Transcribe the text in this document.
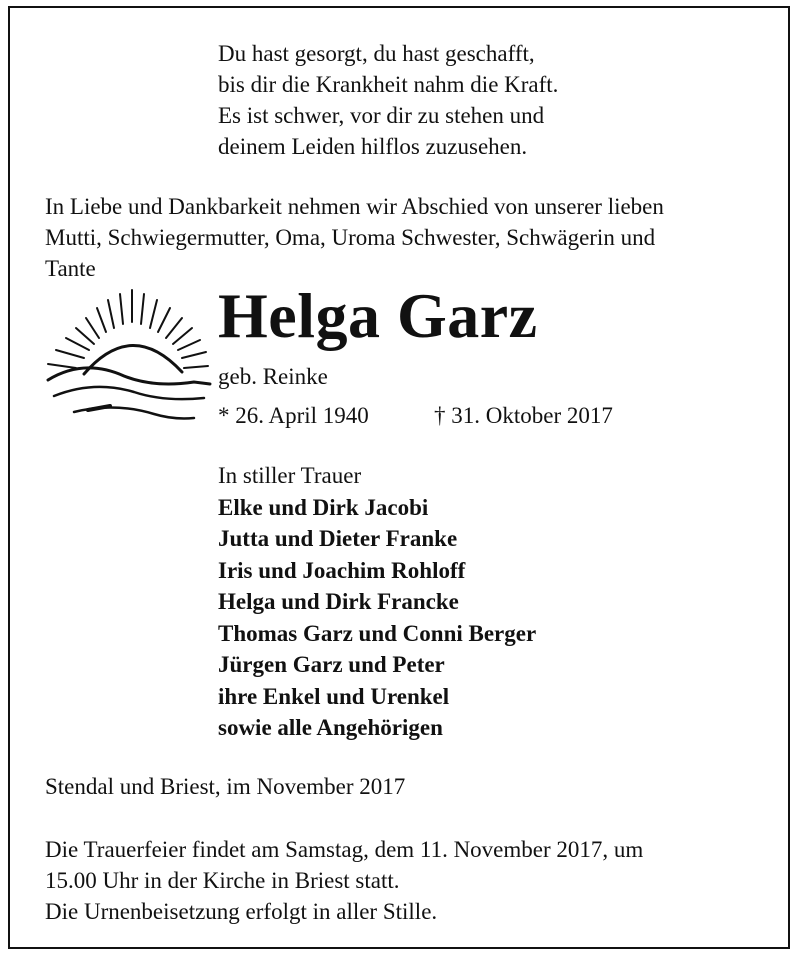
Du hast gesorgt, du hast geschafft,
bis dir die Krankheit nahm die Kraft.
Es ist schwer, vor dir zu stehen und
deinem Leiden hilflos zuzusehen.
In Liebe und Dankbarkeit nehmen wir Abschied von unserer lieben
Mutti, Schwiegermutter, Oma, Uroma Schwester, Schwägerin und
Tante
Helga Garz
geb. Reinke
* 26. April 1940	† 31. Oktober 2017
In stiller Trauer
Elke und Dirk Jacobi
Jutta und Dieter Franke
Iris und Joachim Rohloff
Helga und Dirk Francke
Thomas Garz und Conni Berger
Jürgen Garz und Peter
ihre Enkel und Urenkel
sowie alle Angehörigen
Stendal und Briest, im November 2017
Die Trauerfeier findet am Samstag, dem 11. November 2017, um
15.00 Uhr in der Kirche in Briest statt.
Die Urnenbeisetzung erfolgt in aller Stille.
